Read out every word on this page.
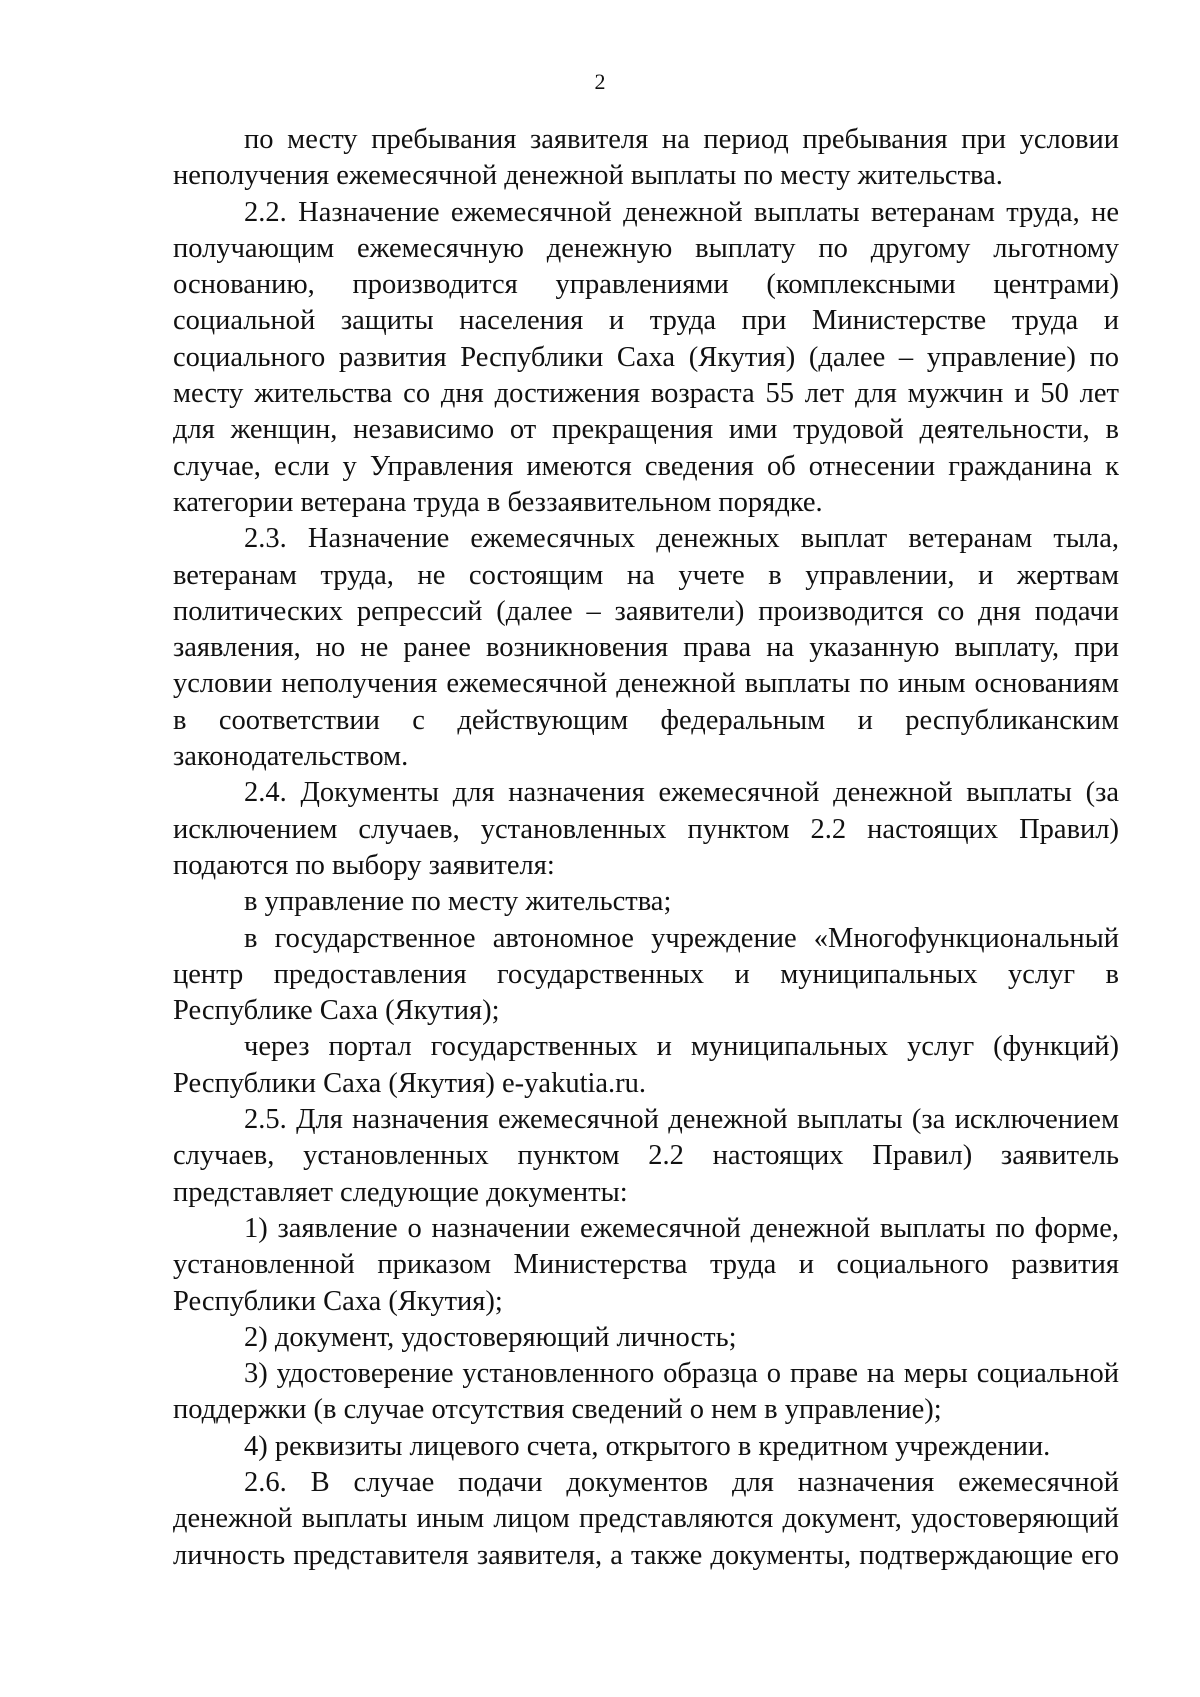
2

по месту пребывания заявителя на период пребывания при условии неполучения ежемесячной денежной выплаты по месту жительства.

2.2. Назначение ежемесячной денежной выплаты ветеранам труда, не получающим ежемесячную денежную выплату по другому льготному основанию, производится управлениями (комплексными центрами) социальной защиты населения и труда при Министерстве труда и социального развития Республики Саха (Якутия) (далее – управление) по месту жительства со дня достижения возраста 55 лет для мужчин и 50 лет для женщин, независимо от прекращения ими трудовой деятельности, в случае, если у Управления имеются сведения об отнесении гражданина к категории ветерана труда в беззаявительном порядке.

2.3. Назначение ежемесячных денежных выплат ветеранам тыла, ветеранам труда, не состоящим на учете в управлении, и жертвам политических репрессий (далее – заявители) производится со дня подачи заявления, но не ранее возникновения права на указанную выплату, при условии неполучения ежемесячной денежной выплаты по иным основаниям в соответствии с действующим федеральным и республиканским законодательством.

2.4. Документы для назначения ежемесячной денежной выплаты (за исключением случаев, установленных пунктом 2.2 настоящих Правил) подаются по выбору заявителя:

в управление по месту жительства;

в государственное автономное учреждение «Многофункциональный центр предоставления государственных и муниципальных услуг в Республике Саха (Якутия);

через портал государственных и муниципальных услуг (функций) Республики Саха (Якутия) e-yakutia.ru.

2.5. Для назначения ежемесячной денежной выплаты (за исключением случаев, установленных пунктом 2.2 настоящих Правил) заявитель представляет следующие документы:

1) заявление о назначении ежемесячной денежной выплаты по форме, установленной приказом Министерства труда и социального развития Республики Саха (Якутия);

2) документ, удостоверяющий личность;

3) удостоверение установленного образца о праве на меры социальной поддержки (в случае отсутствия сведений о нем в управление);

4) реквизиты лицевого счета, открытого в кредитном учреждении.

2.6. В случае подачи документов для назначения ежемесячной денежной выплаты иным лицом представляются документ, удостоверяющий личность представителя заявителя, а также документы, подтверждающие его
